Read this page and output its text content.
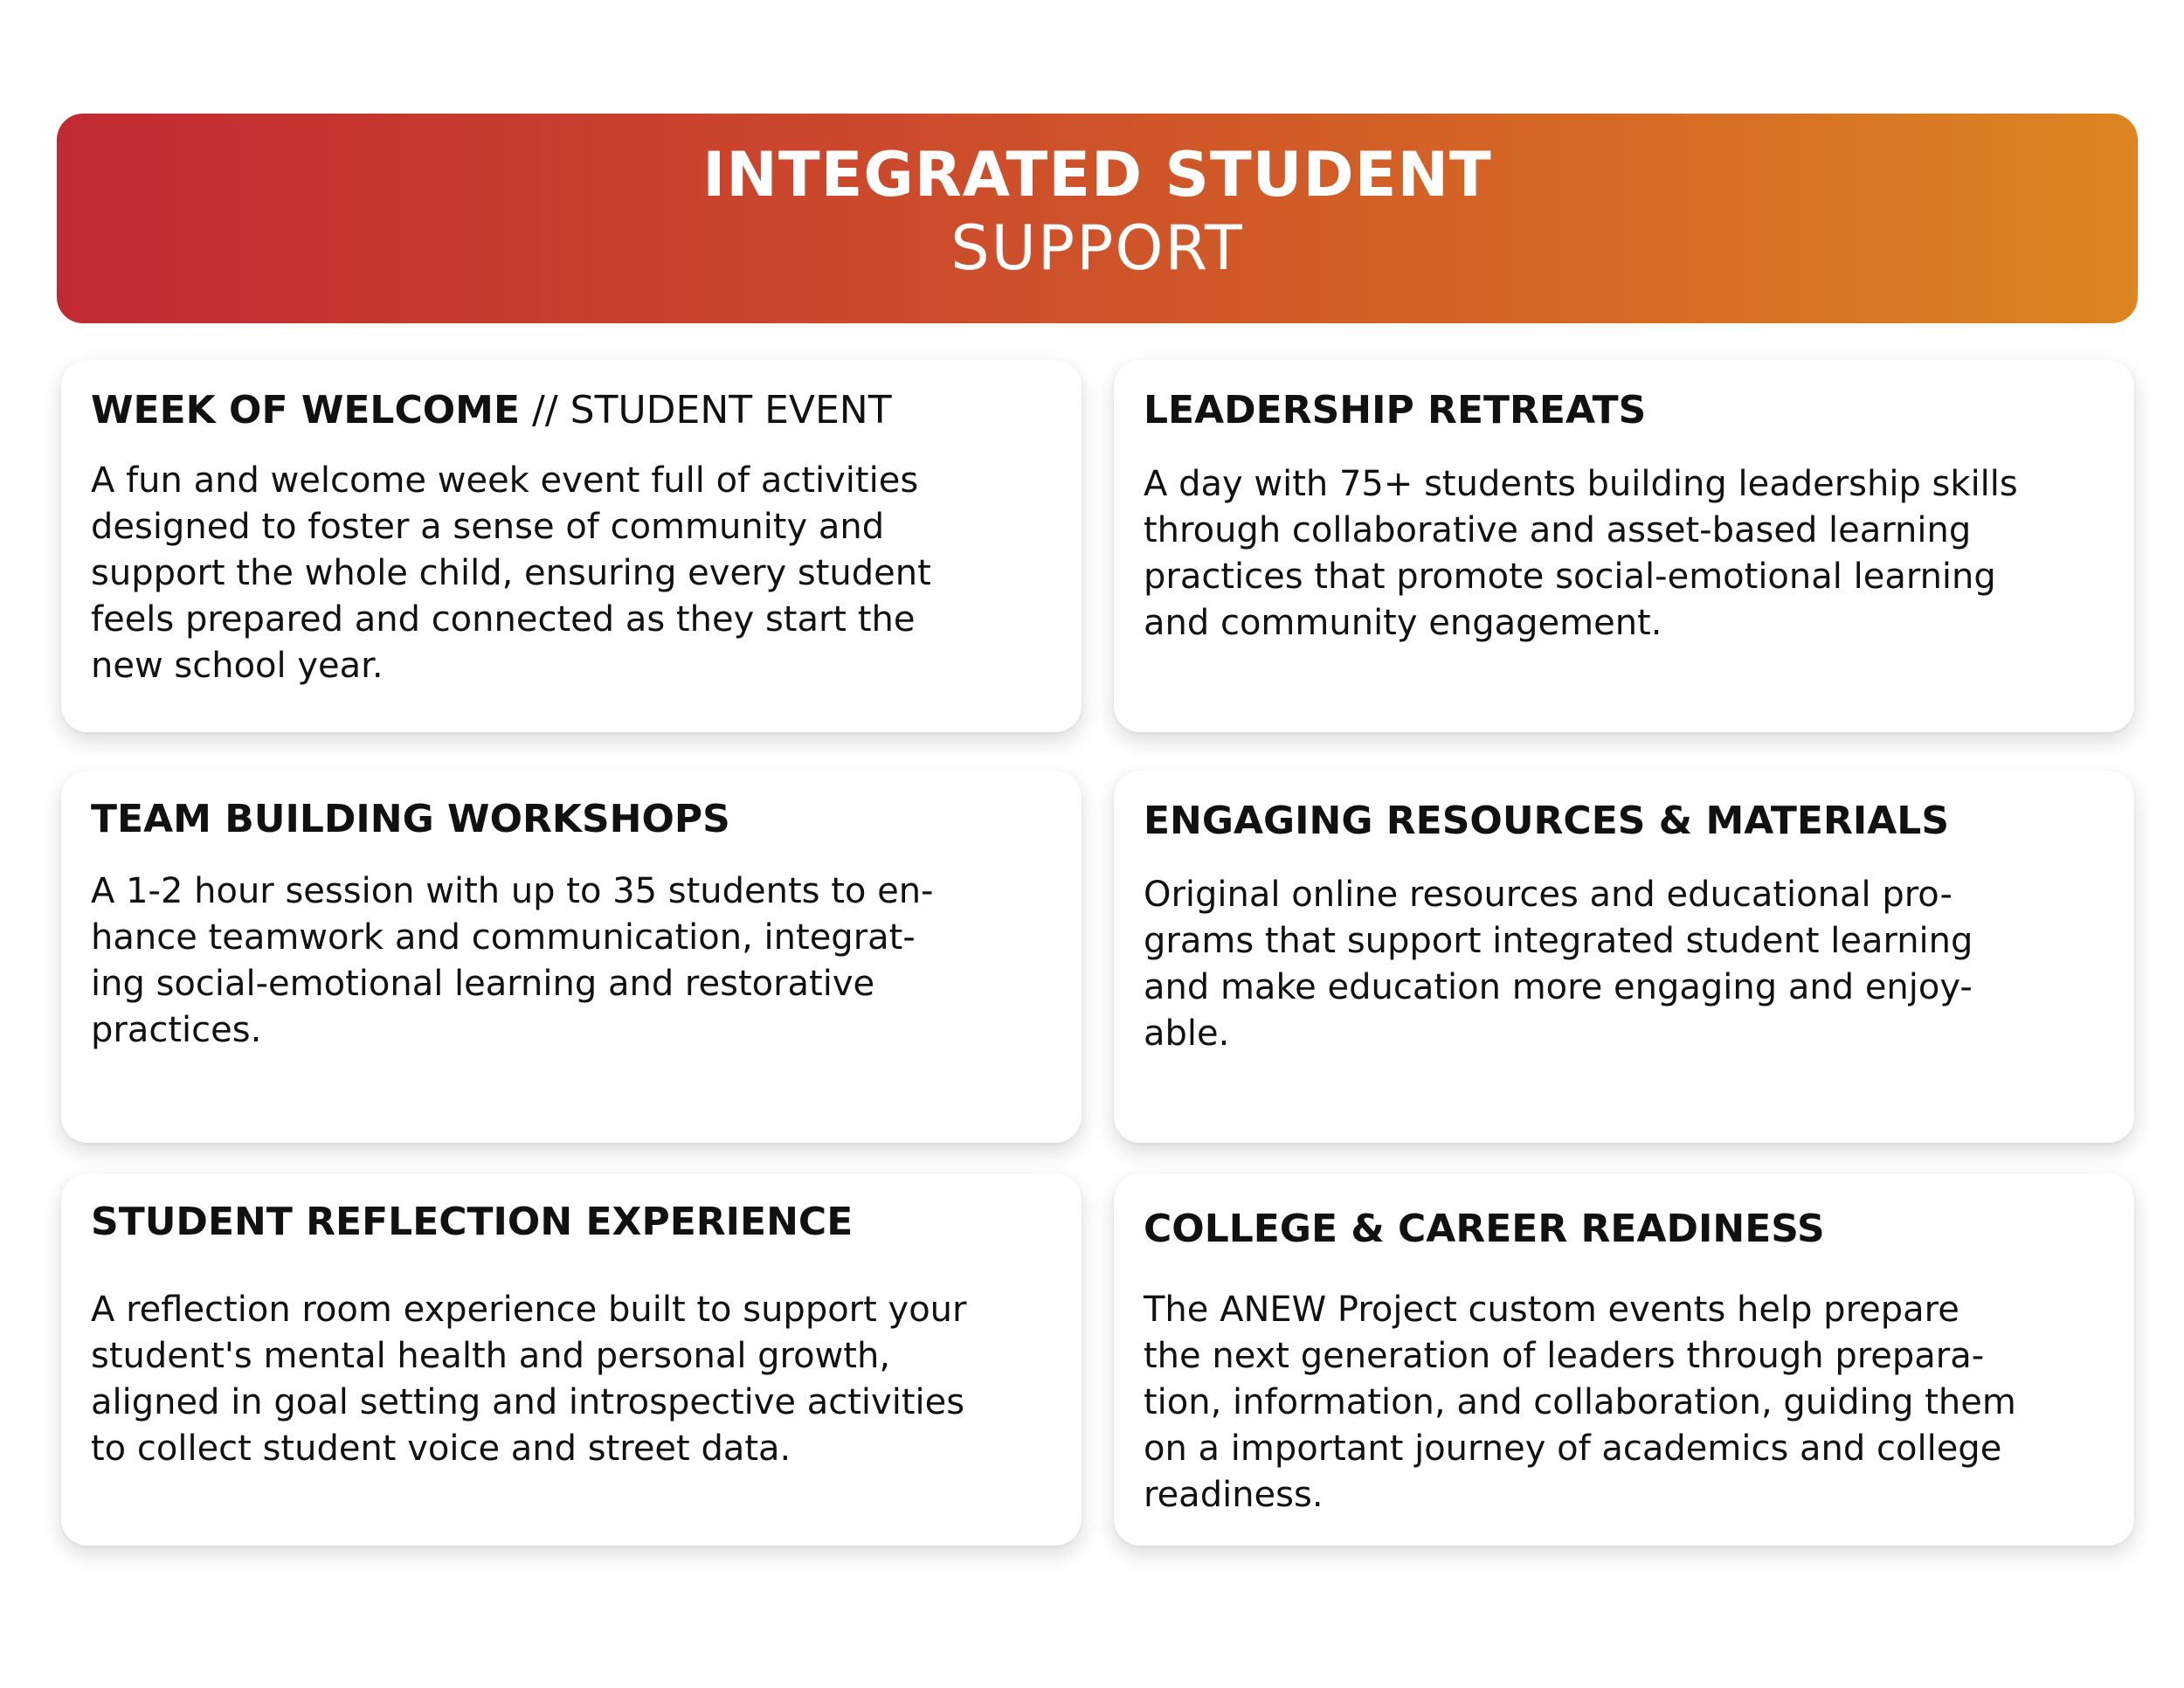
INTEGRATED STUDENT
SUPPORT
WEEK OF WELCOME // STUDENT EVENT
A fun and welcome week event full of activities
designed to foster a sense of community and
support the whole child, ensuring every student
feels prepared and connected as they start the
new school year.
LEADERSHIP RETREATS
A day with 75+ students building leadership skills
through collaborative and asset-based learning
practices that promote social-emotional learning
and community engagement.
TEAM BUILDING WORKSHOPS
A 1-2 hour session with up to 35 students to en-
hance teamwork and communication, integrat-
ing social-emotional learning and restorative
practices.
ENGAGING RESOURCES & MATERIALS
Original online resources and educational pro-
grams that support integrated student learning
and make education more engaging and enjoy-
able.
STUDENT REFLECTION EXPERIENCE
A reflection room experience built to support your
student's mental health and personal growth,
aligned in goal setting and introspective activities
to collect student voice and street data.
COLLEGE & CAREER READINESS
The ANEW Project custom events help prepare
the next generation of leaders through prepara-
tion, information, and collaboration, guiding them
on a important journey of academics and college
readiness.
